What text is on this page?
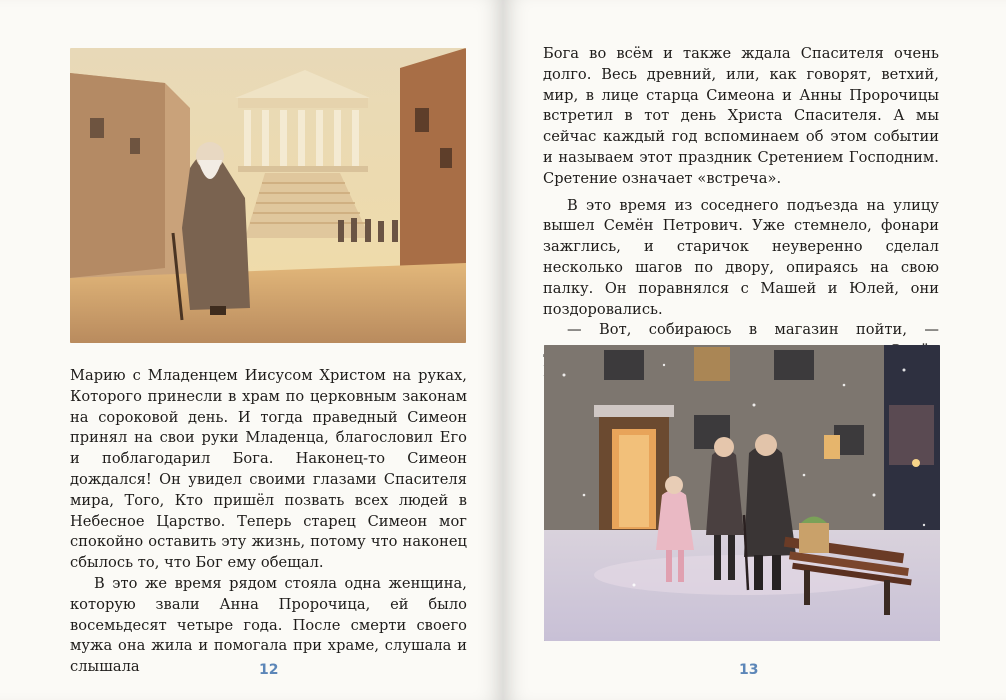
Марию с Младенцем Иисусом Христом на руках, Которого принесли в храм по церковным законам на сороковой день. И тогда праведный Симеон принял на свои руки Младенца, благословил Его и поблагодарил Бога. Наконец-то Симеон дождался! Он увидел своими глазами Спасителя мира, Того, Кто пришёл позвать всех людей в Небесное Царство. Теперь старец Симеон мог спокойно оставить эту жизнь, потому что наконец сбылось то, что Бог ему обещал.

В это же время рядом стояла одна женщина, которую звали Анна Пророчица, ей было восемьдесят четыре года. После смерти своего мужа она жила и помогала при храме, слушала и слышала	12

Бога во всём и также ждала Спасителя очень долго. Весь древний, или, как говорят, ветхий, мир, в лице старца Симеона и Анны Пророчицы встретил в тот день Христа Спасителя. А мы сейчас каждый год вспоминаем об этом событии и называем этот праздник Сретением Господним. Сретение означает «встреча».

В это время из соседнего подъезда на улицу вышел Семён Петрович. Уже стемнело, фонари зажглись, и старичок неуверенно сделал несколько шагов по двору, опираясь на свою палку. Он поравнялся с Машей и Юлей, они поздоровались.

— Вот, собираюсь в магазин пойти, —

13
